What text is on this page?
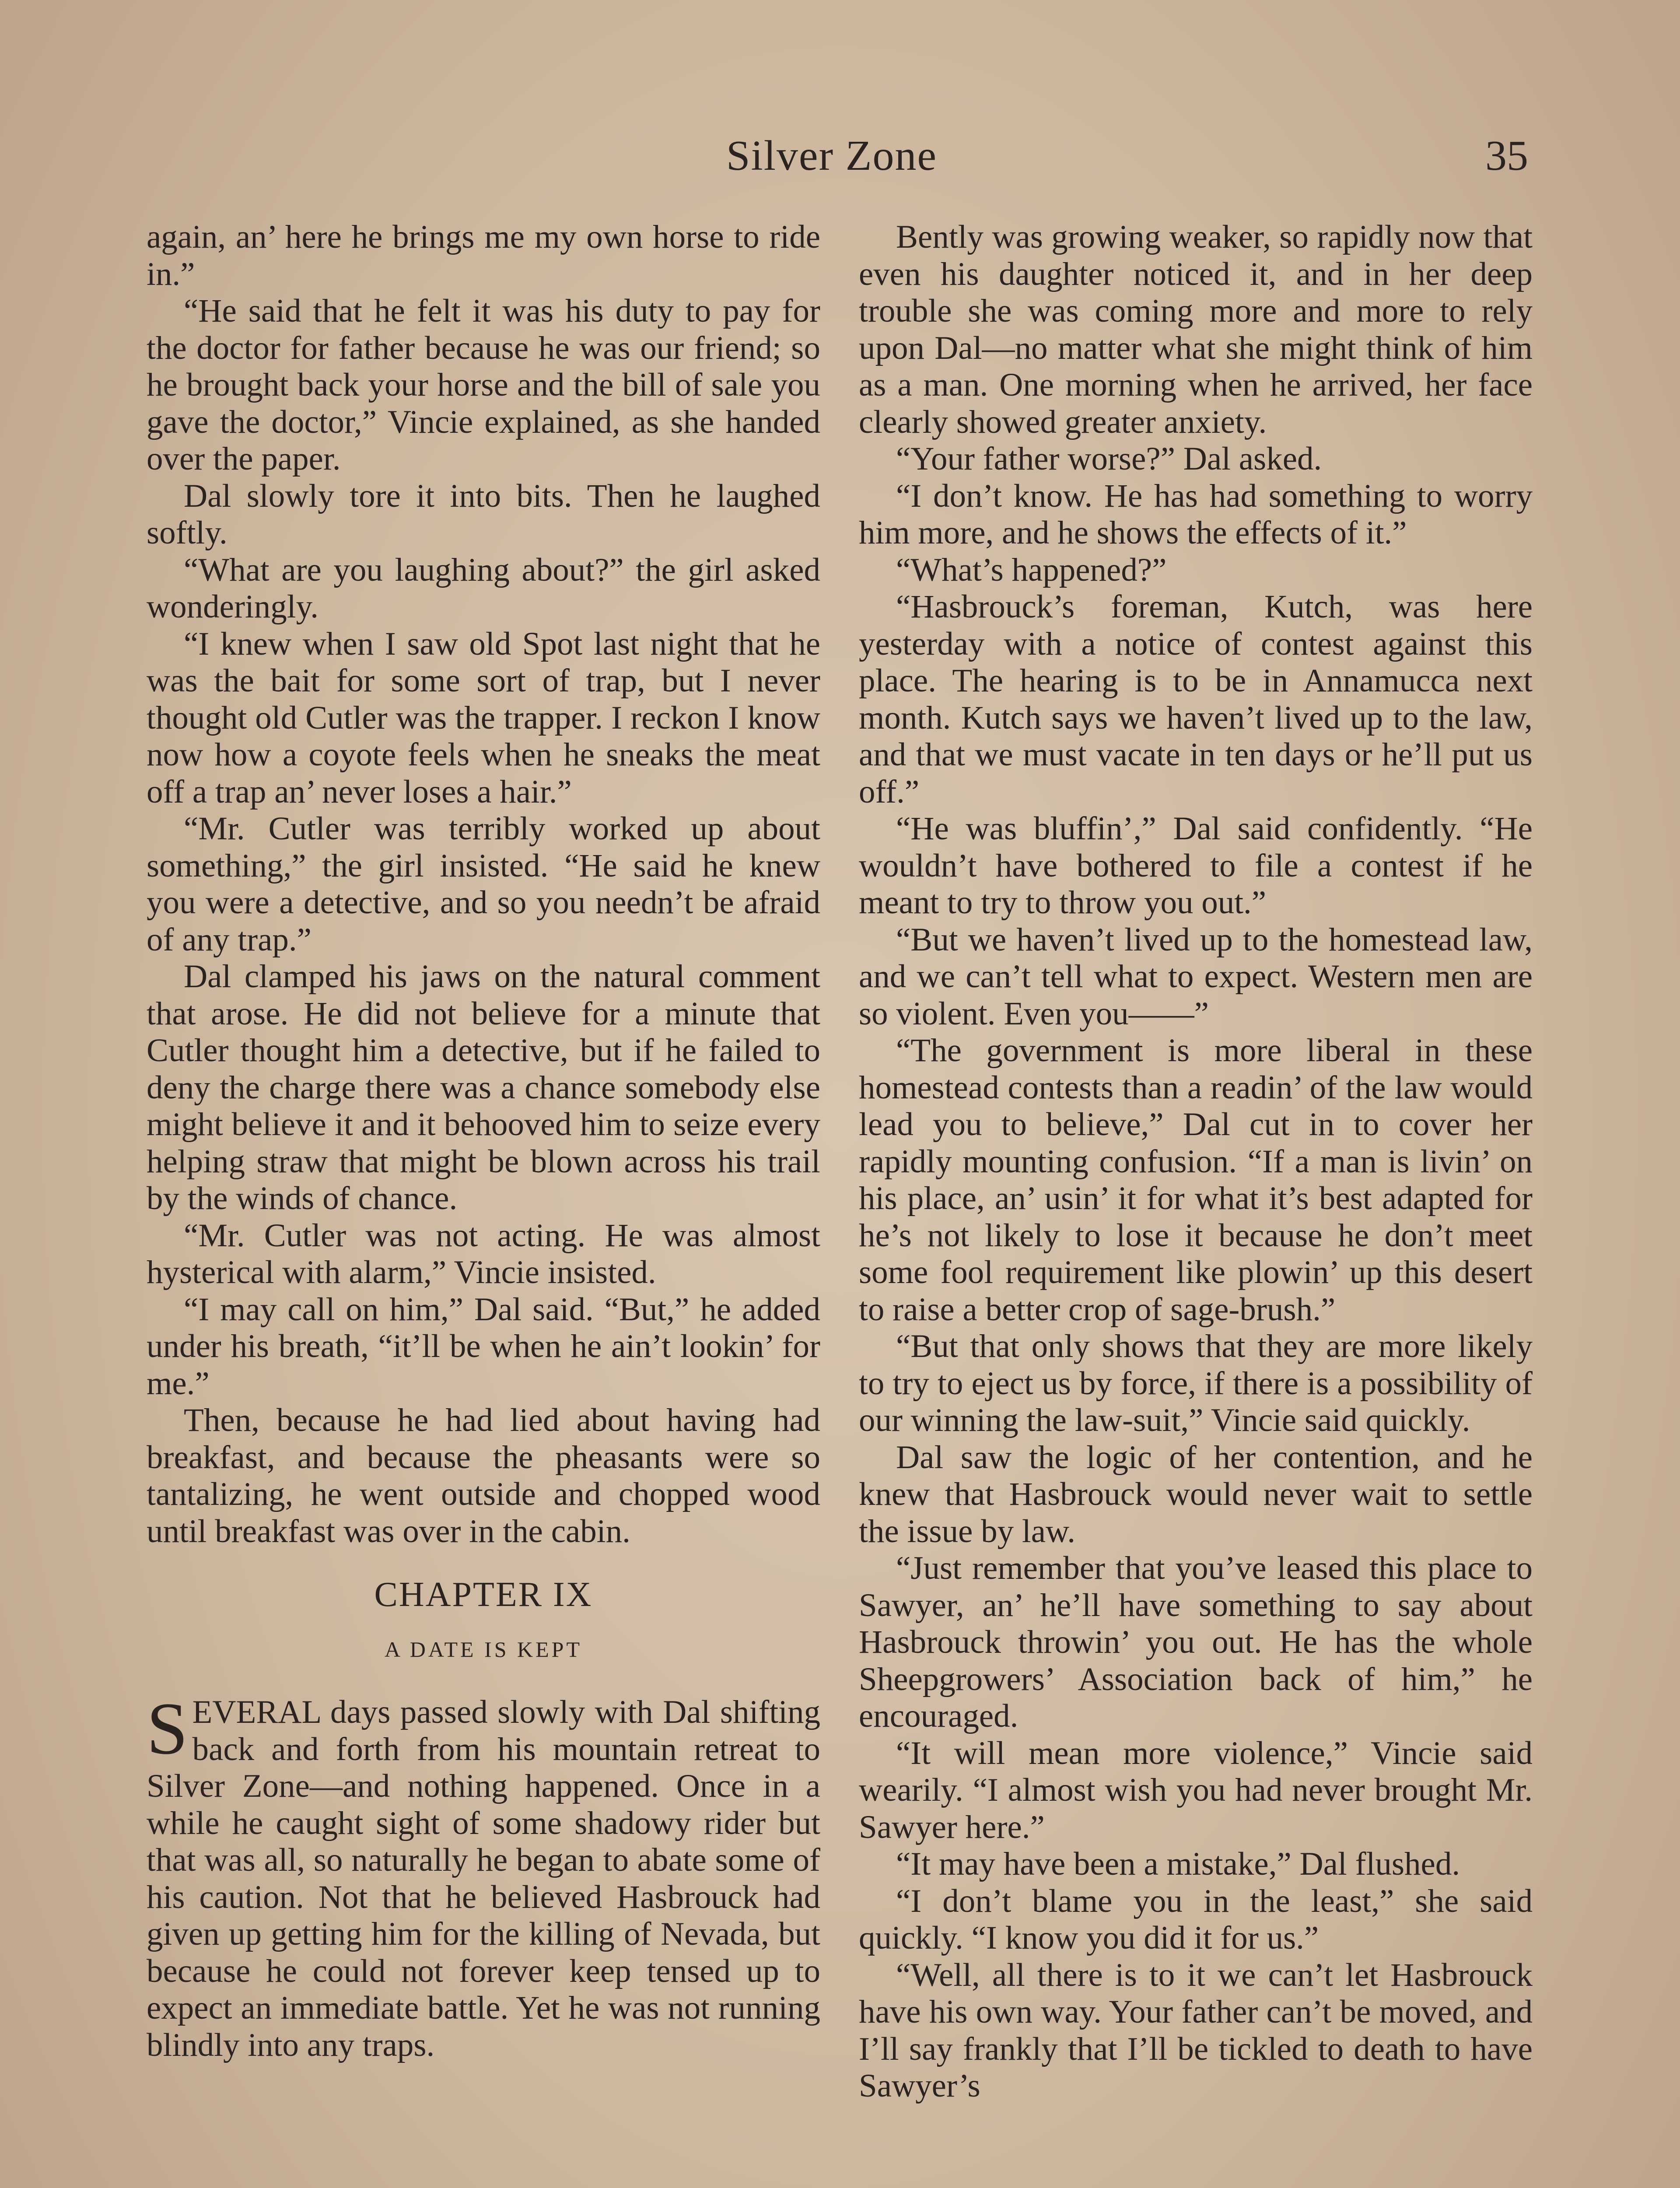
Silver Zone	35

again, an’ here he brings me my own horse to ride in.”

“He said that he felt it was his duty to pay for the doctor for father because he was our friend; so he brought back your horse and the bill of sale you gave the doctor,” Vincie explained, as she handed over the paper.

Dal slowly tore it into bits. Then he laughed softly.

“What are you laughing about?” the girl asked wonderingly.

“I knew when I saw old Spot last night that he was the bait for some sort of trap, but I never thought old Cutler was the trapper. I reckon I know now how a coyote feels when he sneaks the meat off a trap an’ never loses a hair.”

“Mr. Cutler was terribly worked up about something,” the girl insisted. “He said he knew you were a detective, and so you needn’t be afraid of any trap.”

Dal clamped his jaws on the natural comment that arose. He did not believe for a minute that Cutler thought him a detective, but if he failed to deny the charge there was a chance somebody else might believe it and it behooved him to seize every helping straw that might be blown across his trail by the winds of chance.

“Mr. Cutler was not acting. He was almost hysterical with alarm,” Vincie insisted.

“I may call on him,” Dal said. “But,” he added under his breath, “it’ll be when he ain’t lookin’ for me.”

Then, because he had lied about having had breakfast, and because the pheasants were so tantalizing, he went outside and chopped wood until breakfast was over in the cabin.

CHAPTER IX
A DATE IS KEPT

SEVERAL days passed slowly with Dal shifting back and forth from his mountain retreat to Silver Zone—and nothing happened. Once in a while he caught sight of some shadowy rider but that was all, so naturally he began to abate some of his caution. Not that he believed Hasbrouck had given up getting him for the killing of Nevada, but because he could not forever keep tensed up to expect an immediate battle. Yet he was not running blindly into any traps.

Bently was growing weaker, so rapidly now that even his daughter noticed it, and in her deep trouble she was coming more and more to rely upon Dal—no matter what she might think of him as a man. One morning when he arrived, her face clearly showed greater anxiety.

“Your father worse?” Dal asked.

“I don’t know. He has had something to worry him more, and he shows the effects of it.”

“What’s happened?”

“Hasbrouck’s foreman, Kutch, was here yesterday with a notice of contest against this place. The hearing is to be in Annamucca next month. Kutch says we haven’t lived up to the law, and that we must vacate in ten days or he’ll put us off.”

“He was bluffin’,” Dal said confidently. “He wouldn’t have bothered to file a contest if he meant to try to throw you out.”

“But we haven’t lived up to the homestead law, and we can’t tell what to expect. Western men are so violent. Even you——”

“The government is more liberal in these homestead contests than a readin’ of the law would lead you to believe,” Dal cut in to cover her rapidly mounting confusion. “If a man is livin’ on his place, an’ usin’ it for what it’s best adapted for he’s not likely to lose it because he don’t meet some fool requirement like plowin’ up this desert to raise a better crop of sage-brush.”

“But that only shows that they are more likely to try to eject us by force, if there is a possibility of our winning the law-suit,” Vincie said quickly.

Dal saw the logic of her contention, and he knew that Hasbrouck would never wait to settle the issue by law.

“Just remember that you’ve leased this place to Sawyer, an’ he’ll have something to say about Hasbrouck throwin’ you out. He has the whole Sheepgrowers’ Association back of him,” he encouraged.

“It will mean more violence,” Vincie said wearily. “I almost wish you had never brought Mr. Sawyer here.”

“It may have been a mistake,” Dal flushed.

“I don’t blame you in the least,” she said quickly. “I know you did it for us.”

“Well, all there is to it we can’t let Hasbrouck have his own way. Your father can’t be moved, and I’ll say frankly that I’ll be tickled to death to have Sawyer’s
